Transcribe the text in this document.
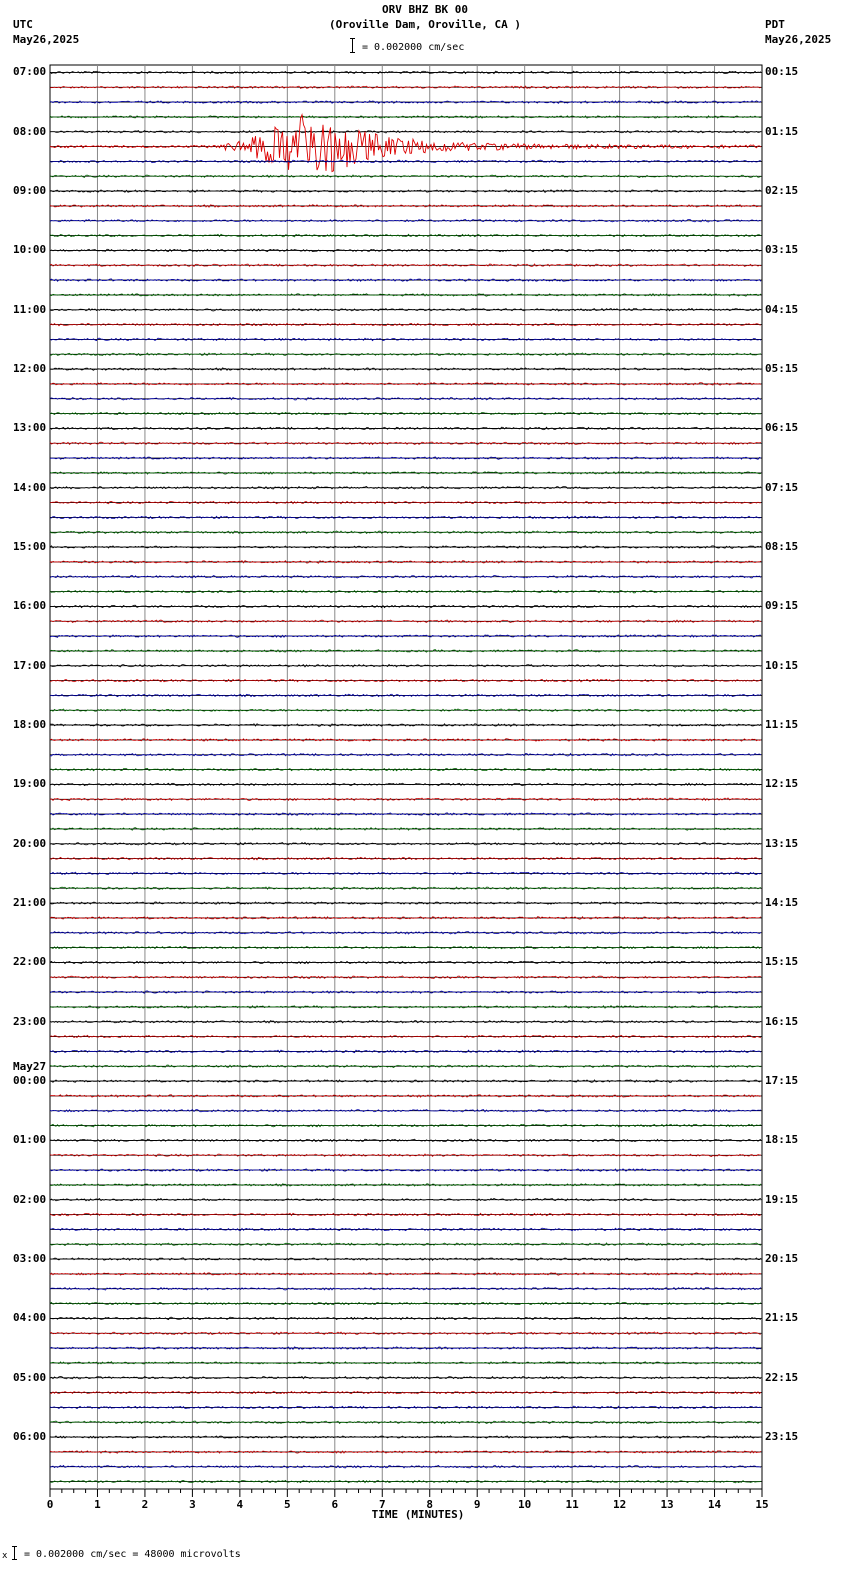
ORV BHZ BK 00
(Oroville Dam, Oroville, CA )
UTC
May26,2025
PDT
May26,2025
= 0.002000 cm/sec
07:00
08:00
09:00
10:00
11:00
12:00
13:00
14:00
15:00
16:00
17:00
18:00
19:00
20:00
21:00
22:00
23:00
00:00
May27
01:00
02:00
03:00
04:00
05:00
06:00
00:15
01:15
02:15
03:15
04:15
05:15
06:15
07:15
08:15
09:15
10:15
11:15
12:15
13:15
14:15
15:15
16:15
17:15
18:15
19:15
20:15
21:15
22:15
23:15
0	1	2	3	4	5	6	7	8	9	10	11	12	13	14	15
TIME (MINUTES)
x = 0.002000 cm/sec = 48000 microvolts
